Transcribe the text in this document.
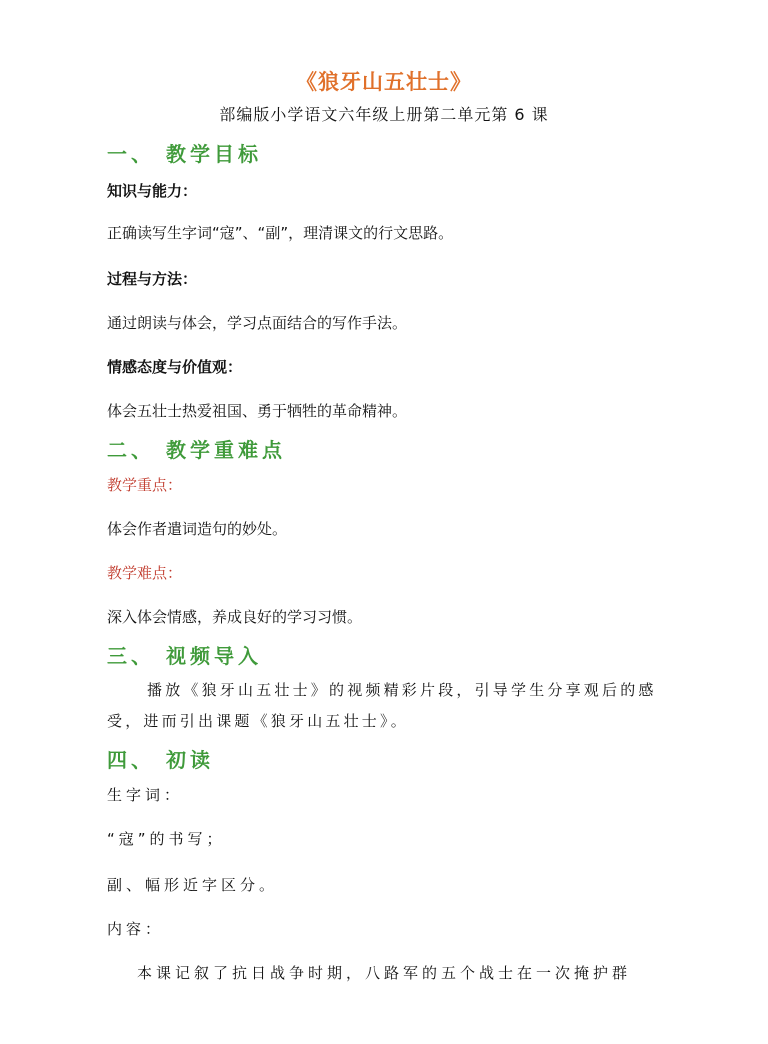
《狼牙山五壮士》
部编版小学语文六年级上册第二单元第 6 课
一、 教学目标
知识与能力：
正确读写生字词“寇”、“副”，理清课文的行文思路。
过程与方法：
通过朗读与体会，学习点面结合的写作手法。
情感态度与价值观：
体会五壮士热爱祖国、勇于牺牲的革命精神。
二、 教学重难点
教学重点：
体会作者遣词造句的妙处。
教学难点：
深入体会情感，养成良好的学习习惯。
三、 视频导入
播放《狼牙山五壮士》的视频精彩片段，引导学生分享观后的感受，进而引出课题《狼牙山五壮士》。
四、 初读
生字词：
“寇”的书写；
副、幅形近字区分。
内容：
本课记叙了抗日战争时期，八路军的五个战士在一次掩护群
